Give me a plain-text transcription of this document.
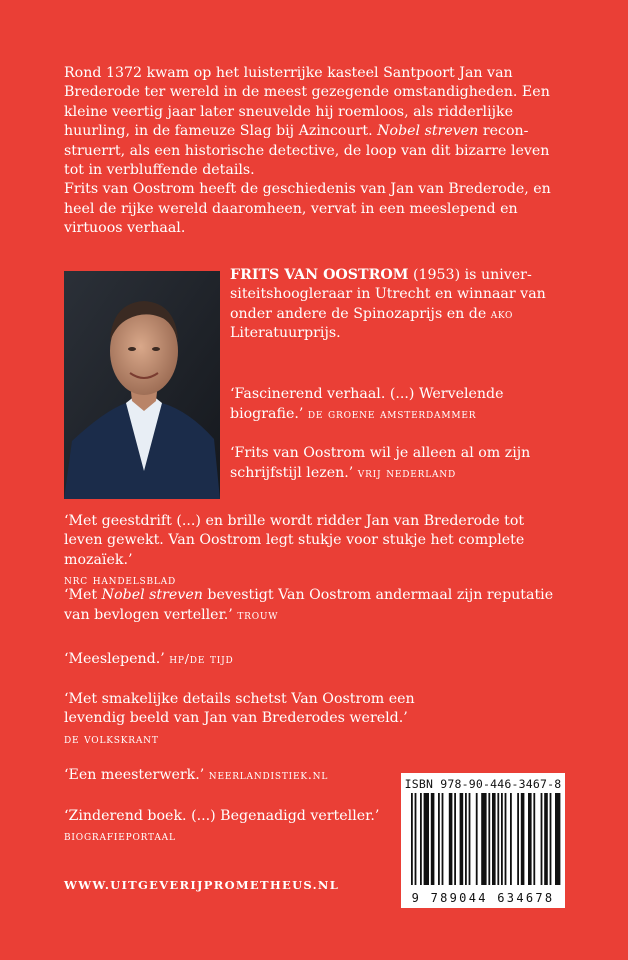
Rond 1372 kwam op het luisterrijke kasteel Santpoort Jan van Brederode ter wereld in de meest gezegende omstandigheden. Een kleine veertig jaar later sneuvelde hij roemloos, als ridderlijke huurling, in de fameuze Slag bij Azincourt. Nobel streven recon-struerrt, als een historische detective, de loop van dit bizarre leven tot in verbluffende details.

Frits van Oostrom heeft de geschiedenis van Jan van Brederode, en heel de rijke wereld daaromheen, vervat in een meeslepend en virtuoos verhaal.

FRITS VAN OOSTROM (1953) is univer-siteitshoogleraar in Utrecht en winnaar van onder andere de Spinozaprijs en de ako Literatuurprijs.

‘Fascinerend verhaal. (...) Wervelende biografie.’ de groene amsterdammer

‘Frits van Oostrom wil je alleen al om zijn schrijfstijl lezen.’ vrij nederland

‘Met geestdrift (...) en brille wordt ridder Jan van Brederode tot leven gewekt. Van Oostrom legt stukje voor stukje het complete mozaïek.’
nrc handelsblad

‘Met Nobel streven bevestigt Van Oostrom andermaal zijn reputatie van bevlogen verteller.’ trouw

‘Meeslepend.’ hp/de tijd

‘Met smakelijke details schetst Van Oostrom een levendig beeld van Jan van Brederodes wereld.’
de volkskrant

‘Een meesterwerk.’ neerlandistiek.nl

‘Zinderend boek. (...) Begenadigd verteller.’
biografieportaal

ISBN 978-90-446-3467-8
9 789044 634678
WWW.UITGEVERIJPROMETHEUS.NL
